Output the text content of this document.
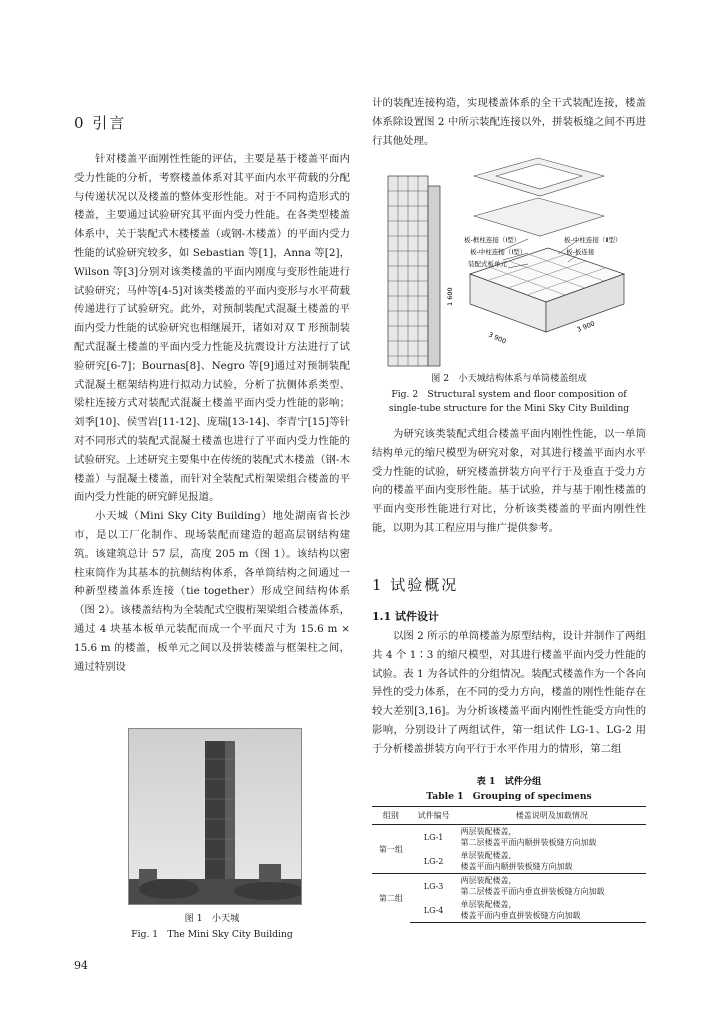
0 引言

针对楼盖平面刚性性能的评估，主要是基于楼盖平面内受力性能的分析，考察楼盖体系对其平面内水平荷载的分配与传递状况以及楼盖的整体变形性能。对于不同构造形式的楼盖，主要通过试验研究其平面内受力性能。在各类型楼盖体系中，关于装配式木楼楼盖（或钢-木楼盖）的平面内受力性能的试验研究较多，如 Sebastian 等[1]，Anna 等[2]，Wilson 等[3]分别对该类楼盖的平面内刚度与变形性能进行试验研究；马仲等[4-5]对该类楼盖的平面内变形与水平荷载传递进行了试验研究。此外，对预制装配式混凝土楼盖的平面内受力性能的试验研究也相继展开，诸如对双 T 形预制装配式混凝土楼盖的平面内受力性能及抗震设计方法进行了试验研究[6-7]；Bournas[8]、Negro 等[9]通过对预制装配式混凝土框架结构进行拟动力试验，分析了抗侧体系类型、梁柱连接方式对装配式混凝土楼盖平面内受力性能的影响；刘季[10]、侯雪岩[11-12]、庞瑞[13-14]、李青宁[15]等针对不同形式的装配式混凝土楼盖也进行了平面内受力性能的试验研究。上述研究主要集中在传统的装配式木楼盖（钢-木楼盖）与混凝土楼盖，而针对全装配式桁架梁组合楼盖的平面内受力性能的研究鲜见报道。

小天城（Mini Sky City Building）地处湖南省长沙市，是以工厂化制作、现场装配而建造的超高层钢结构建筑。该建筑总计 57 层，高度 205 m（图 1）。该结构以密柱束筒作为其基本的抗侧结构体系，各单筒结构之间通过一种新型楼盖体系连接（tie together）形成空间结构体系（图 2）。该楼盖结构为全装配式空腹桁架梁组合楼盖体系，通过 4 块基本板单元装配而成一个平面尺寸为 15.6 m × 15.6 m 的楼盖，板单元之间以及拼装楼盖与框架柱之间，通过特别设

图 1　小天城
Fig. 1　The Mini Sky City Building
94

计的装配连接构造，实现楼盖体系的全干式装配连接，楼盖体系除设置图 2 中所示装配连接以外，拼装板缝之间不再进行其他处理。

板-框柱连接（Ⅰ型）
板-中柱连接（Ⅰ型）
装配式板单元
板-中柱连接（Ⅱ型）
板-板连接
1 600
3 900
3 900
图 2　小天城结构体系与单筒楼盖组成
Fig. 2　Structural system and floor composition of
single-tube structure for the Mini Sky City Building

为研究该类装配式组合楼盖平面内刚性性能，以一单筒结构单元的缩尺模型为研究对象，对其进行楼盖平面内水平受力性能的试验，研究楼盖拼装方向平行于及垂直于受力方向的楼盖平面内变形性能。基于试验，并与基于刚性楼盖的平面内变形性能进行对比，分析该类楼盖的平面内刚性性能，以期为其工程应用与推广提供参考。

1 试验概况
1.1 试件设计

以图 2 所示的单筒楼盖为原型结构，设计并制作了两组共 4 个 1∶3 的缩尺模型，对其进行楼盖平面内受力性能的试验。表 1 为各试件的分组情况。装配式楼盖作为一个各向异性的受力体系，在不同的受力方向，楼盖的刚性性能存在较大差别[3,16]。为分析该楼盖平面内刚性性能受方向性的影响，分别设计了两组试件，第一组试件 LG-1、LG-2 用于分析楼盖拼装方向平行于水平作用力的情形，第二组

表 1　试件分组
Table 1　Grouping of specimens
组别	试件编号	楼盖说明及加载情况
第一组	LG-1	两层装配楼盖，
第二层楼盖平面内顺拼装板缝方向加载

	LG-2	单层装配楼盖，
楼盖平面内顺拼装板缝方向加载

第二组	LG-3	两层装配楼盖，
第二层楼盖平面内垂直拼装板缝方向加载

	LG-4	单层装配楼盖，
楼盖平面内垂直拼装板缝方向加载
